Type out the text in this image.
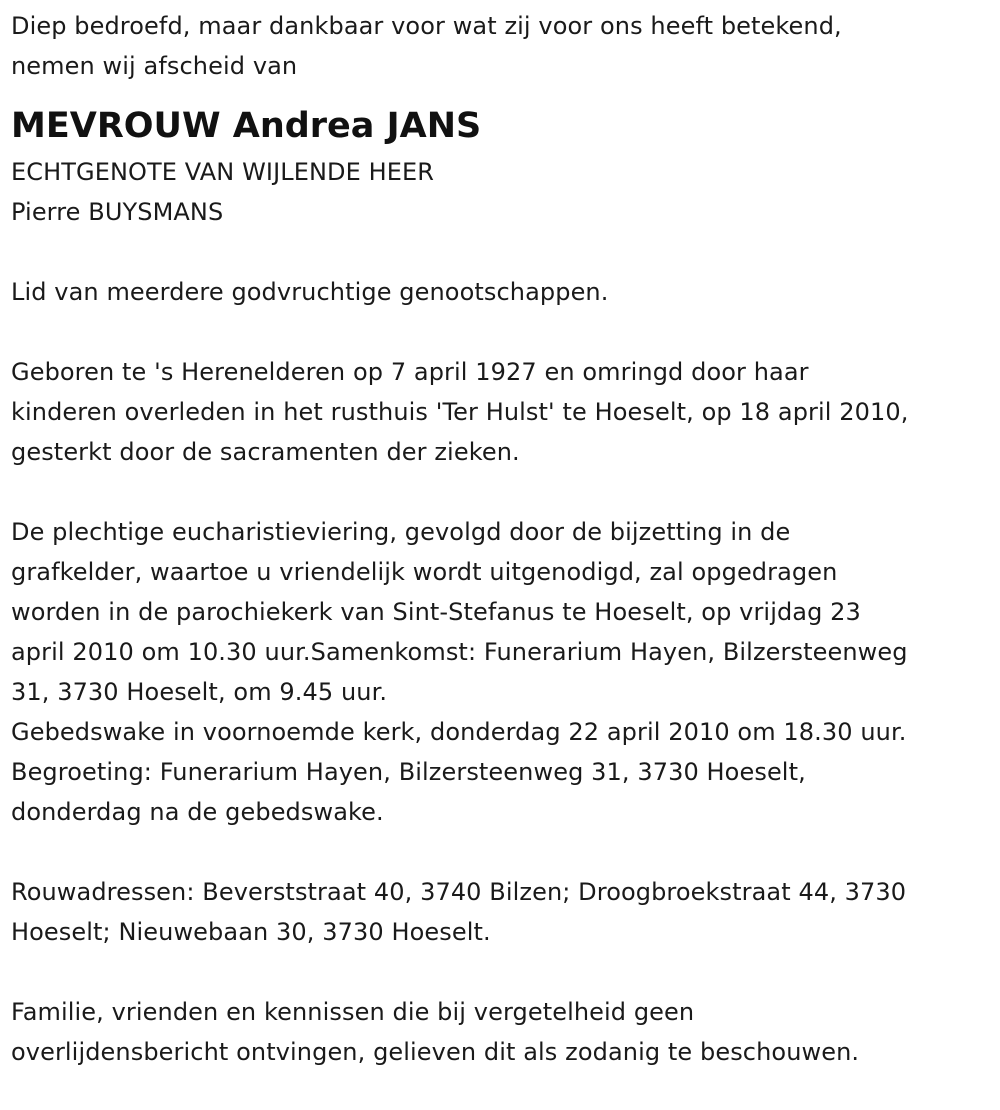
Diep bedroefd, maar dankbaar voor wat zij voor ons heeft betekend,
nemen wij afscheid van
MEVROUW Andrea JANS
ECHTGENOTE VAN WIJLENDE HEER
Pierre BUYSMANS
Lid van meerdere godvruchtige genootschappen.
Geboren te 's Herenelderen op 7 april 1927 en omringd door haar
kinderen overleden in het rusthuis 'Ter Hulst' te Hoeselt, op 18 april 2010,
gesterkt door de sacramenten der zieken.
De plechtige eucharistieviering, gevolgd door de bijzetting in de
grafkelder, waartoe u vriendelijk wordt uitgenodigd, zal opgedragen
worden in de parochiekerk van Sint-Stefanus te Hoeselt, op vrijdag 23
april 2010 om 10.30 uur.Samenkomst: Funerarium Hayen, Bilzersteenweg
31, 3730 Hoeselt, om 9.45 uur.
Gebedswake in voornoemde kerk, donderdag 22 april 2010 om 18.30 uur.
Begroeting: Funerarium Hayen, Bilzersteenweg 31, 3730 Hoeselt,
donderdag na de gebedswake.
Rouwadressen: Beverststraat 40, 3740 Bilzen; Droogbroekstraat 44, 3730
Hoeselt; Nieuwebaan 30, 3730 Hoeselt.
Familie, vrienden en kennissen die bij vergetelheid geen
overlijdensbericht ontvingen, gelieven dit als zodanig te beschouwen.
